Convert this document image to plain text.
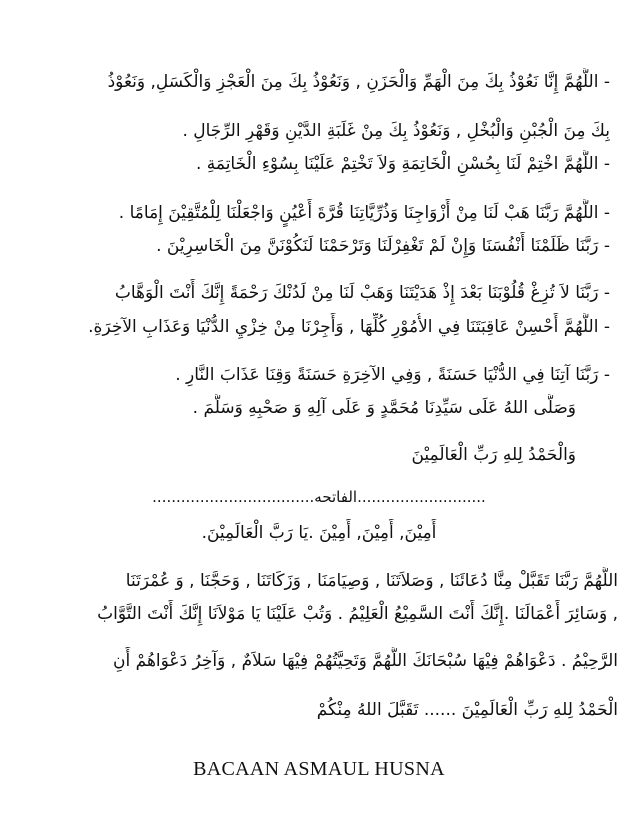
- اللَّهُمَّ إِنَّا نَعُوْذُ بِكَ مِنَ الْهَمِّ وَالْحَزَنِ , وَنَعُوْذُ بِكَ مِنَ الْعَجْزِ وَالْكَسَلِ, وَنَعُوْذُ
بِكَ مِنَ الْجُبْنِ وَالْبُخْلِ , وَنَعُوْذُ بِكَ مِنْ غَلَبَةِ الدَّيْنِ وَقَهْرِ الرِّجَالِ .
- اللَّهُمَّ اخْتِمْ لَنَا بِحُسْنِ الْخَاتِمَةِ وَلاَ تَخْتِمْ عَلَيْنَا بِسُوْءِ الْخَاتِمَةِ .
- اللَّهُمَّ رَبَّنَا هَبْ لَنَا مِنْ أَزْوَاجِنَا وَذُرِّيَّاتِنَا قُرَّةَ أَعْيُنٍ وَاجْعَلْنَا لِلْمُتَّقِيْنَ إِمَامًا .
- رَبَّنَا ظَلَمْنَا أَنْفُسَنَا وَإِنْ لَمْ تَغْفِرْلَنَا وَتَرْحَمْنَا لَنَكُوْنَنَّ مِنَ الْخَاسِرِيْنَ .
- رَبَّنَا لاَ تُزِغْ قُلُوْبَنَا بَعْدَ إِذْ هَدَيْتَنَا وَهَبْ لَنَا مِنْ لَدُنْكَ رَحْمَةً إِنَّكَ أَنْتَ الْوَهَّابُ
- اللَّهُمَّ أَحْسِنْ عَاقِبَتَنَا فِي الأُمُوْرِ كُلِّهَا , وَأَجِرْنَا مِنْ خِزْيِ الدُّنْيَا وَعَذَابِ الآخِرَةِ.
- رَبَّنَا آتِنَا فِي الدُّنْيَا حَسَنَةً , وَفِي الآخِرَةِ حَسَنَةً وَقِنَا عَذَابَ النَّارِ .
وَصَلَّى اللهُ عَلَى سَيِّدِنَا مُحَمَّدٍ وَ عَلَى آلِهِ وَ صَحْبِهِ وَسَلَّمَ .
وَالْحَمْدُ لِلهِ رَبِّ الْعَالَمِيْنَ
..................................الفاتحه...........................
أَمِيْنَ, أَمِيْنَ, أَمِيْنَ .يَا رَبَّ الْعَالَمِيْنَ.
اللَّهُمَّ رَبَّنَا تَقَبَّلْ مِنَّا دُعَائَنَا , وَصَلاَتَنَا , وَصِيَامَنَا , وَزَكَاتَنَا , وَحَجَّنَا , وَ عُمْرَتَنَا
, وَسَائِرَ أَعْمَالَنَا .إِنَّكَ أَنْتَ السَّمِيْعُ الْعَلِيْمُ . وَتُبْ عَلَيْنَا يَا مَوْلاَنَا إِنَّكَ أَنْتَ التَّوَّابُ
الرَّحِيْمُ . دَعْوَاهُمْ فِيْهَا سُبْحَانَكَ اللَّهُمَّ وَتَحِيَّتُهُمْ فِيْهَا سَلاَمٌ , وَآخِرُ دَعْوَاهُمْ أَنِ
الْحَمْدُ لِلهِ رَبِّ الْعَالَمِيْنَ ...... تَقَبَّلَ اللهُ مِنْكُمْ
BACAAN ASMAUL HUSNA
